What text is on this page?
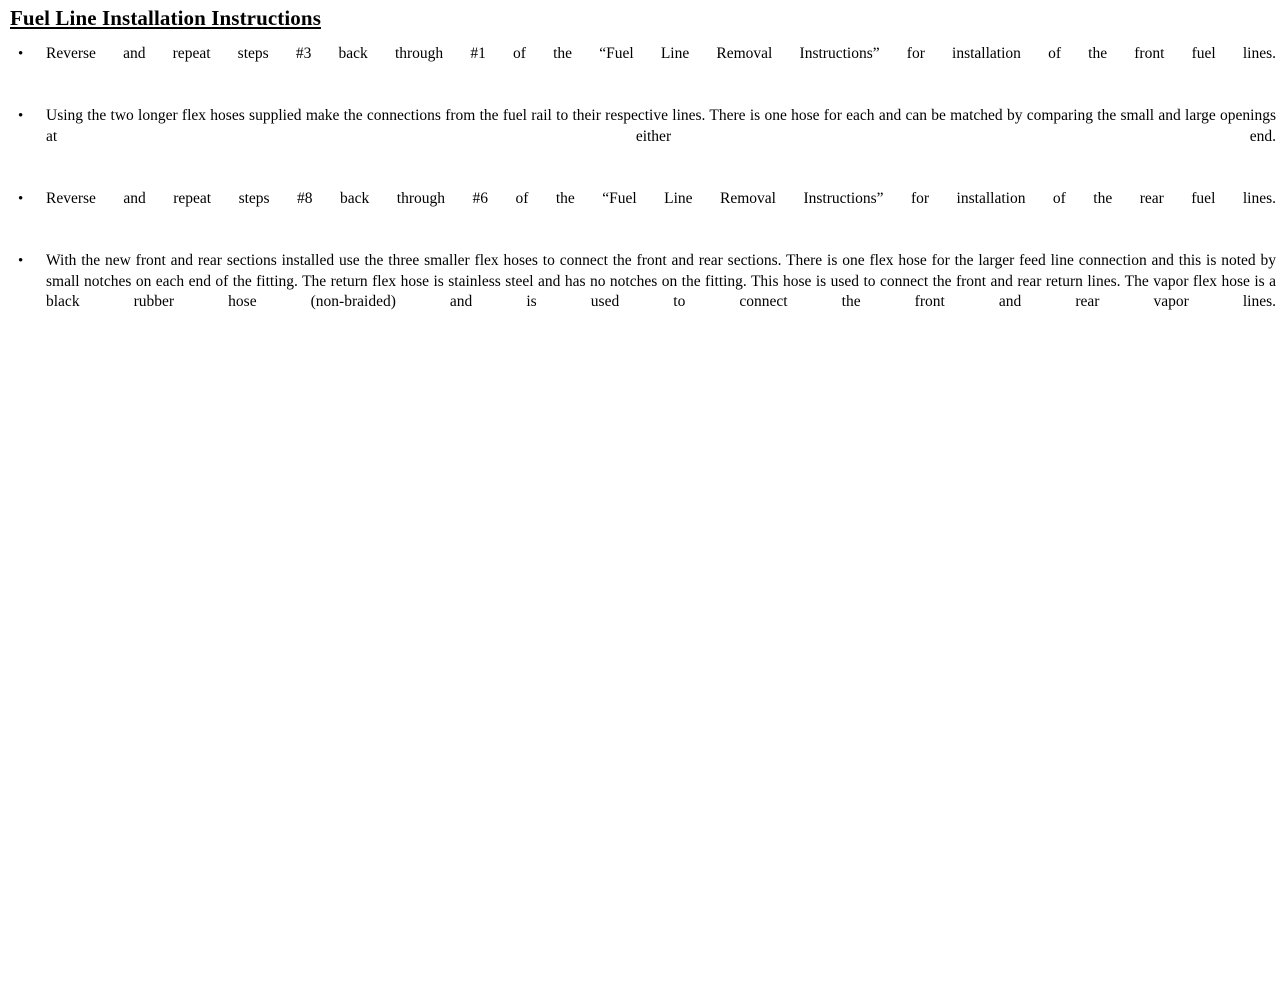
Fuel Line Installation Instructions
• Reverse and repeat steps #3 back through #1 of the “Fuel Line Removal Instructions” for installation of the front fuel lines.
• Using the two longer flex hoses supplied make the connections from the fuel rail to their respective lines. There is one hose for each and can be matched by comparing the small and large openings at either end.
• Reverse and repeat steps #8 back through #6 of the “Fuel Line Removal Instructions” for installation of the rear fuel lines.
• With the new front and rear sections installed use the three smaller flex hoses to connect the front and rear sections. There is one flex hose for the larger feed line connection and this is noted by small notches on each end of the fitting. The return flex hose is stainless steel and has no notches on the fitting. This hose is used to connect the front and rear return lines. The vapor flex hose is a black rubber hose (non-braided) and is used to connect the front and rear vapor lines.
